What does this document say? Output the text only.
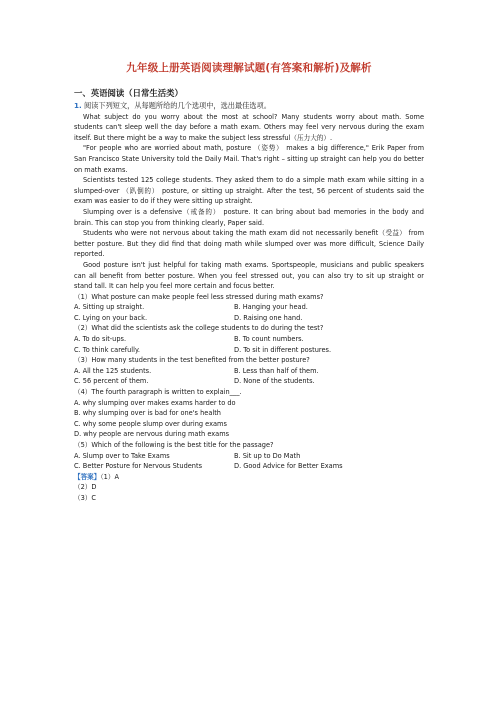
九年级上册英语阅读理解试题(有答案和解析)及解析
一、英语阅读（日常生活类）
1. 阅读下列短文，从每题所给的几个选项中，选出最佳选项。

What subject do you worry about the most at school? Many students worry about math. Some students can't sleep well the day before a math exam. Others may feel very nervous during the exam itself. But there might be a way to make the subject less stressful（压力大的）.

"For people who are worried about math, posture （姿势） makes a big difference," Erik Paper from San Francisco State University told the Daily Mail. That's right – sitting up straight can help you do better on math exams.

Scientists tested 125 college students. They asked them to do a simple math exam while sitting in a slumped-over （趴倒的） posture, or sitting up straight. After the test, 56 percent of students said the exam was easier to do if they were sitting up straight.

Slumping over is a defensive（戒备的） posture. It can bring about bad memories in the body and brain. This can stop you from thinking clearly, Paper said.

Students who were not nervous about taking the math exam did not necessarily benefit（受益） from better posture. But they did find that doing math while slumped over was more difficult, Science Daily reported.

Good posture isn't just helpful for taking math exams. Sportspeople, musicians and public speakers can all benefit from better posture. When you feel stressed out, you can also try to sit up straight or stand tall. It can help you feel more certain and focus better.

（1）What posture can make people feel less stressed during math exams?

A. Sitting up straight.	B. Hanging your head.
C. Lying on your back.	D. Raising one hand.

（2）What did the scientists ask the college students to do during the test?

A. To do sit-ups.	B. To count numbers.
C. To think carefully.	D. To sit in different postures.

（3）How many students in the test benefited from the better posture?

A. All the 125 students.	B. Less than half of them.
C. 56 percent of them.	D. None of the students.

（4）The fourth paragraph is written to explain___.

A. why slumping over makes exams harder to do

B. why slumping over is bad for one's health

C. why some people slump over during exams

D. why people are nervous during math exams

（5）Which of the following is the best title for the passage?

A. Slump over to Take Exams	B. Sit up to Do Math
C. Better Posture for Nervous Students	D. Good Advice for Better Exams

【答案】（1）A

（2）D

（3）C
